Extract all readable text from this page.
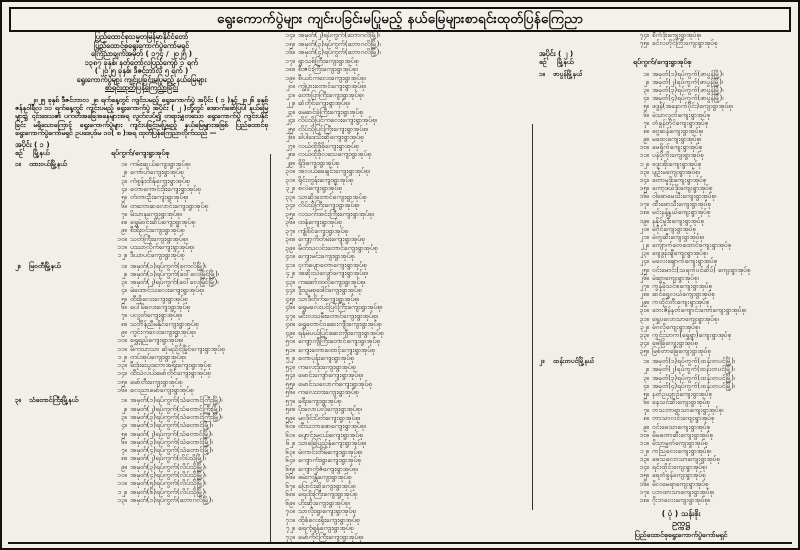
ရွေးကောက်ပွဲများ ကျင်းပခြင်းမပြုမည့် နယ်မြေများစာရင်းထုတ်ပြန်ကြေညာ
ပြည်ထောင်စုသမ္မတမြန်မာနိုင်ငံတော်
ပြည်ထောင်စုရွေးကောက်ပွဲကော်မရှင်
ကြေညာချက်အမှတ် ( ၁၇၄ / ၂၀၂၅ )
၁၃၈၇ ခုနှစ်၊ နတ်တော်လပြည့်ကျော် ၁ ရက်
( ၂၀၂၅ ခုနှစ်၊ ဒီဇင်ဘာလ ၅ ရက် )
ရွေးကောက်ပွဲများ ကျင်းပခြင်းမပြုမည့် နယ်မြေများ
စာရင်းထုတ်ပြန်ကြေညာခြင်း

၂၀၂၅ ခုနှစ် ဒီဇင်ဘာလ ၂၈ ရက်နေ့တွင် ကျင်းပမည့် ရွေးကောက်ပွဲ အပိုင်း ( ၁ )နှင့် ၂၀၂၆ ခုနှစ် ဇန်နဝါရီလ ၁၁ ရက်နေ့တွင် ကျင်းပမည့် ရွေးကောက်ပွဲ အပိုင်း ( ၂ )တို့တွင် အောက်ဖော်ပြပါ နယ်မြေများ၌ ၎င်းဒေသ၏ ပကတိအခြေအနေများအရ လွတ်လပ်၍ တရားမျှတသော ရွေးကောက်ပွဲ ကျင်းပနိုင်ခြင်း မရှိသောကြောင့် ရွေးကောက်ပွဲများ ကျင်းပခြင်းမပြုမည့် နယ်မြေများအဖြစ် ပြည်ထောင်စုရွေးကောက်ပွဲကော်မရှင် ဥပဒေပုဒ်မ ၁၀( စ )အရ ထုတ်ပြန်ကြေညာလိုက်သည် —

အပိုင်း ( ၁ )
စဉ်	မြို့နယ်	ရပ်ကွက်/ကျေးရွာအုပ်စု
၁။	ထားဝယ်မြို့နယ်	၁။ ကမ်းဆွယ်ကျေးရွာအုပ်စု၊
၂။ ကော်ဟဲကျေးရွာအုပ်စု
၃။ ကံစွန်းထိန်ကျေးရွာအုပ်စု
၄။ တောကောင်းဒိုးကျေးရွာအုပ်စု
၅။ တံတားဦးကျေးရွာအုပ်စု၊
၆။ တဘောဆလောင်းကျေးရွာအုပ်စု
၇။ မိသာနကျေးရွာအုပ်စု၊
၈။ ရွှေမဲဝင်းဆိပ်ကျေးရွာအုပ်စု
၉။ စီးရီးဝင်းကျေးရွာအုပ်စု
၁၀။ သတ်ကြီးကျေးရွာအုပ်စု၊
၁၁။ ပဿာလိုက်ကျေးရွာအုပ်စု၊
၁၂။ ဒီယာပင်ကျေးရွာအုပ်စု
၂။	မြဝတီမြို့နယ်	၁။ အမှတ်(၁)ရပ်ကွက်(စုကလိမြို့)၊
၂။ အမှတ်(၁)ရပ်ကွက်(ဝေါ်လေမြိုင်မြို့)၊
၃။ အမှတ်(၂)ရပ်ကွက်(ဝေါ်လေမြိုင်မြို့)၊
၄။ မဲထောင်သလေးကျေးရွာအုပ်စု၊
၅။ ထီးခိုလေးကျေးရွာအုပ်စု
၆။ ပေါ်မိလေးကျေးရွာအုပ်စု
၇။ ပလွတ်ကျေးရွာအုပ်စု၊
၈။ သင်္ဘိန်ညီမနိုင်ကျေးရွာအုပ်စု
၉။ ကွင်းကလေးကျေးရွာအုပ်စု၊
၁၀။ ရွှေရှည်ကျေးရွာအုပ်စု၊
၁၁။ မိကသာသာ ဆုံမညိုင်မြိုင်ကျေးရွာအုပ်စု
၁၂။ တပ်အုပ်ကျေးရွာအုပ်စု၊
၁၃။ မီးဒုံးသွေးဘောအရိုးကျေးရွာအုပ်စု
၁၄။ ထီသဲလယ်မော်တိုင်ကျေးရွာအုပ်စု
၁၅။ မော်တီးကျေးရွာအုပ်စု
၁၆။ လေညာမော်ကျေးရွာအုပ်စု
၃။	သံတောင်ကြီးမြို့နယ်	၁။ အမှတ်(၁)ရပ်ကွက်(သံတောင်ကြီးမြို့)၊
၂။ အမှတ်(၂)ရပ်ကွက်(သံတောင်ကြီးမြို့)၊
၃။ အမှတ်(၃)ရပ်ကွက်(သံတောင်ကြီးမြို့)၊
၄။ အမှတ်(၁)ရပ်ကွက်(သံတောင်မြို့)၊
၅။ အမှတ်(၂)ရပ်ကွက်(သံတောင်မြို့)၊
၆။ အမှတ်(၃)ရပ်ကွက်(သံတောင်မြို့)၊
၇။ အမှတ်(၄)ရပ်ကွက်(သံတောင်မြို့)၊
၈။ အမှတ်(၂)ရပ်ကွက်(လိပ်သိုမြို့)၊
၉။ အမှတ်(၃)ရပ်ကွက်(လိပ်သိုမြို့)၊
၁၀။ အမှတ်(၄)ရပ်ကွက်(လိပ်သိုမြို့)၊
၁၁။ အမှတ်(၅)ရပ်ကွက်(လိပ်သိုမြို့)၊
၁၂။ အမှတ်(၆)ရပ်ကွက်(လိပ်သိုမြို့)၊
၁၃။ အမှတ်(၁)ရပ်ကွက်(ဘောဂလိမြို့)၊
၁၄။ အမှတ်(၂)ရပ်ကွက်(ဘောဂလိမြို့)၊
၁၅။ အမှတ်(၃)ရပ်ကွက်(ဘောဂလိမြို့)၊
၁၆။ အမှတ်(၄)ရပ်ကွက်(ဘောဂလိမြို့)၊
၁၇။ ရွာသစ်ကြီးကျေးရွာအုပ်စု
၁၈။ စီးဇင်းကြီးကျေးရွာအုပ်စု၊
၁၉။ စီယင်ကလေးကျေးရွာအုပ်စု၊
၂၀။ ကျွဲပွားတောင်ကျေးရွာအုပ်စု၊
၂၁။ တောပြာကြီးကျေးရွာအုပ်စု၊
၂၂။ ဆံတိုင်ကျေးရွာအုပ်စု၊
၂၃။ မေဆင်ခဲကြီးကျေးရွာအုပ်စု
၂၄။ လိပ်သိုပြင်ကလေးကျေးရွာအုပ်စု၊
၂၅။ လိပ်သိုပြင်ကြီးကျေးရွာအုပ်စု၊
၂၆။ ခါပါဒေသီးဆိုကျေးရွာအုပ်စု
၂၇။ လယ်ထိုဒိုခိုကျေးရွာအုပ်စု
၂၈။ လယ်ထိုဒိုလသေကျေးရွာအုပ်စု
၂၉။ ရှိဒိုကျေးရွာအုပ်စု
၃၀။ အလယ်ခေချင်းကျေးရွာအုပ်စု၊
၃၁။ ရိုင်းတွန်းကျေးရွာအုပ်စု
၃၂။ စလဲကျေးရွာအုပ်စု
၃၃။ သာဆိုးတောင်ကျေးရွာအုပ်စု
၃၄။ လိပ်သိုကြီးကျေးရွာအုပ်စု၊
၃၅။ လသက်အင်းကြီးကျေးရွာအုပ်စု၊
၃၆။ ထနံကျေးရွာအုပ်စု
၃၇။ ကျုံစိင်ကျေးရွာအုပ်စု
၃၈။ ကျော့ကိတ်မဲးကျေးရွာအုပ်စု
၃၉။ မိတ်သလင်းတောင်ကျေးရွာအုပ်စု
၄၀။ ကျေးမင်းကျေးရွာအုပ်စု
၄၁။ ငှက်ပျောတောကျေးရွာအုပ်စု
၄၂။ အဆိုးသဲလျော်ကျေးရွာအုပ်စု၊
၄၃။ ကဆော်ထလိုကျေးရွာအုပ်စု၊
၄၄။ ဒွီသူမစုဒေါင်ကျေးရွာအုပ်စု
၄၅။ သာဒီတိုက်ကျေးရွာအုပ်စု၊
၄၆။ ရွှေမလေးပင်ပြင်ကြီးကျေးရွာအုပ်စု၊
၄၇။ မငီးလသမီးတောင်ကျေးရွာအုပ်စု၊
၄၈။ ရွှေတောင်ဝဆေးကျီးကျေးရွာအုပ်စု
၄၉။ ရန်မဲပယ်ပြင်ဆေးကျီးကျေးရွာအုပ်စု
၅၀။ ကျော့ကျီကြီးတောင်ကျေးရွာအုပ်စု
၅၁။ ကျေးတောထောင့်ကျေးရွာအုပ်စု
၅၂။ တောပုန်းကျေးရွာအုပ်စု
၅၃။ ကလေးဒိုးကျေးရွာအုပ်စု
၅၄။ မောင်းကျော်ကျေးရွာအုပ်စု၊
၅၅။ မောင်သလောက်ကျေးရွာအုပ်စု
၅၆။ ကလေးတးကျေးရွာအုပ်စု
၅၇။ ခရီးကျေးရွာအုပ်စု
၅၈။ ပိုးလောပလိုကျေးရွာအုပ်စု၊
၅၉။ မဝဒိုင်းပိတ်ကျေးရွာအုပ်စု၊
၆၀။ ထီသဘာဖောကျေးရွာအုပ်စု၊
၆၁။ ပျောင်းမငယ်ကျေးရွာအုပ်စု
၆၂။ သာခြေပြည့်နှံကျေးရွာအုပ်စု၊
၆၃။ မဲတာင်းတိမ်ကျေးရွာအုပ်စု၊
၆၄။ ကျောကံးရွာကျေးရွာအုပ်စု
၆၅။ ကျောကံ့ဇံကျေးရွာအုပ်စု၊
၆၆။ ဓမဲးကန္တီကျေးရွာအုပ်စု
၆၇။ ပြောင်းဆိုကျေးရွာအုပ်စု
၆၈။ ရေထိုးကြီးကျေးရွာအုပ်စု
၆၉။ ဟိုးဆိုးကျေးရွာအုပ်စု၊
၇၀။ သာလိုးရွာကျေးရွာအုပ်စု
၇၁။ ထိုခံလေးရိုးကျေးရွာအုပ်စု
၇၂။ ရေကံ့ရွန်ကျေးရွာအုပ်စု
၇၃။ မော်ကိုင်ကြီးကျေးရွာအုပ်စု၊
၇၄။ စီကံဒိုးကျေးရွာအုပ်စု၊
၇၅။ ခင်လတိုင်ကြီးကျေးရွာအုပ်စု
အပိုင်း ( ၂ )
စဉ်	မြို့နယ်	ရပ်ကွက်/ကျေးရွာအုပ်စု
၁။	ဖာပွန်မြို့နယ်	၁။ အမှတ်(၁)ရပ်ကွက်(ဖာပွန်မြို့)၊
၂။ အမှတ်(၂)ရပ်ကွက်(ဖာပွန်မြို့)၊
၃။ အမှတ်(၃)ရပ်ကွက်(ဖာပွန်မြို့)၊
၄။ အမှတ်(၄)ရပ်ကွက်(ဖာပွန်မြို့)၊
၅။ ဖဒွန်(အနောက်ပိုင်း)ကျေးရွာအုပ်စု၊
၆။ မဲသာလွတ်ကျေးရွာအုပ်စု
၇။ တံခွန်တိုင်ကျေးရွာအုပ်စု
၈။ ဓဂ္ဂဆန်ကျေးရွာအုပ်စု၊
၉။ မထေးကျေးရွာအုပ်စု၊
၁၀။ မေရိုက်ကျေးရွာအုပ်စု
၁၁။ ပနဲပိုကိုးကျေးရွာအုပ်စု
၁၂။ ဓဒူးအိုးကျေးရွာအုပ်စု
၁၃။ ပျဉ်းမကျေးရွာအုပ်စု၊
၁၄။ တောမူဒိုးကျေးရွာအုပ်စု
၁၅။ ကော့ဒယ်ဒိုးကျေးရွာအုပ်စု
၁၆။ ဝါဖောမေသီးကျေးရွာအုပ်စု၊
၁၇။ ထီးဖောသီးကျေးရွာအုပ်စု
၁၈။ မင်းနန့်နွယ်ကျေးရွာအုပ်စု
၁၉။ နနိုင်မူဒီးကျေးရွာအုပ်စု
၂၀။ မဲဂိုင်ကျေးရွာအုပ်စု
၂၁။ မဲတွဆီးကျေးရွာအုပ်စု၊
၂၂။ ကျောက်တေထောင်ကျေးရွာအုပ်စု
၂၃။ ဂျေဒွန်းချီကျေးရွာအုပ်စု၊
၂၄။ မလေးချောက်ကျေးရွာအုပ်စု
၂၅။ ဝင်းမောင်း(သရက်ပင်ဆိပ်) ကျေးရွာအုပ်စု
၂၆။ မဲဆွာကျေးရွာအုပ်စု၊
၂၇။ ကွန်မိုသင်စကျေးရွာအုပ်စု
၂၈။ ဆင်ရွှေလယ်ကျေးရွာအုပ်စု
၂၉။ ကထိုင်တီးကျေးရွာအုပ်စု
၃၀။ ဘေးဇိန်နတ်ကျောင်းကော်ကျေးရွာအုပ်စု၊
၃၁။ ရွှေပလောသာကျေးရွာအုပ်စု၊
၃၂။ မံဂလိုကျေးရွာအုပ်စု၊
၃၃။ ကွင်းသာက(ရွှေရွာ)ကျေးရွာအုပ်စု
၃၄။ ဓေါခြံကျေးရွာအုပ်စု
၃၅။ မြစ်တာခြေကျေးရွာအုပ်စု
၂။	ထန်းတပင်မြို့နယ်	၁။ အမှတ်(၁)ရပ်ကွက်(ထန်းတပင်မြို့)၊
၂။ အမှတ်(၂)ရပ်ကွက်(ထန်းတပင်မြို့)၊
၃။ အမှတ်(၃)ရပ်ကွက်(ထန်းတပင်မြို့)၊
၄။ အမှတ်(၄)ရပ်ကွက်(ထန်းတပင်မြို့)၊
၅။ နတ်ဥယျာဉ်ကျေးရွာအုပ်စု
၆။ နေသင်ဆီးကျေးရွာအုပ်စု
၇။ တသဘာရွာသာကျေးရွာအုပ်စု၊
၈။ တာသာလင်းကျေးရွာအုပ်စု
၉။ ဝင်းဓေသာကျေးရွာအုပ်စု
၁၀။ မိမတောဆီးကျေးရွာအုပ်စု
၁၁။ မိသာမွတ်ကျေးရွာအုပ်စု
၁၂။ ကဩလေးကျေးရွာအုပ်စု၊
၁၃။ ဓေသလောသာကျေးရွာအုပ်စု
၁၄။ ရင်းထိုင်းကျေးရွာအုပ်စု၊
၁၅။ ရေတံခွန်ကျေးရွာအုပ်စု
၁၆။ မိလမေရာကျေးရွာအုပ်စု
၁၇။ ပဘထာသာကျေးရွာအုပ်စု၊
၁၈။ ဂိုးဘလေးကျေးရွာအုပ်စု။
( ပုံ ) သန်းစိုး
ဥက္ကဋ္ဌ
ပြည်ထောင်စုရွေးကောက်ပွဲကော်မရှင်
